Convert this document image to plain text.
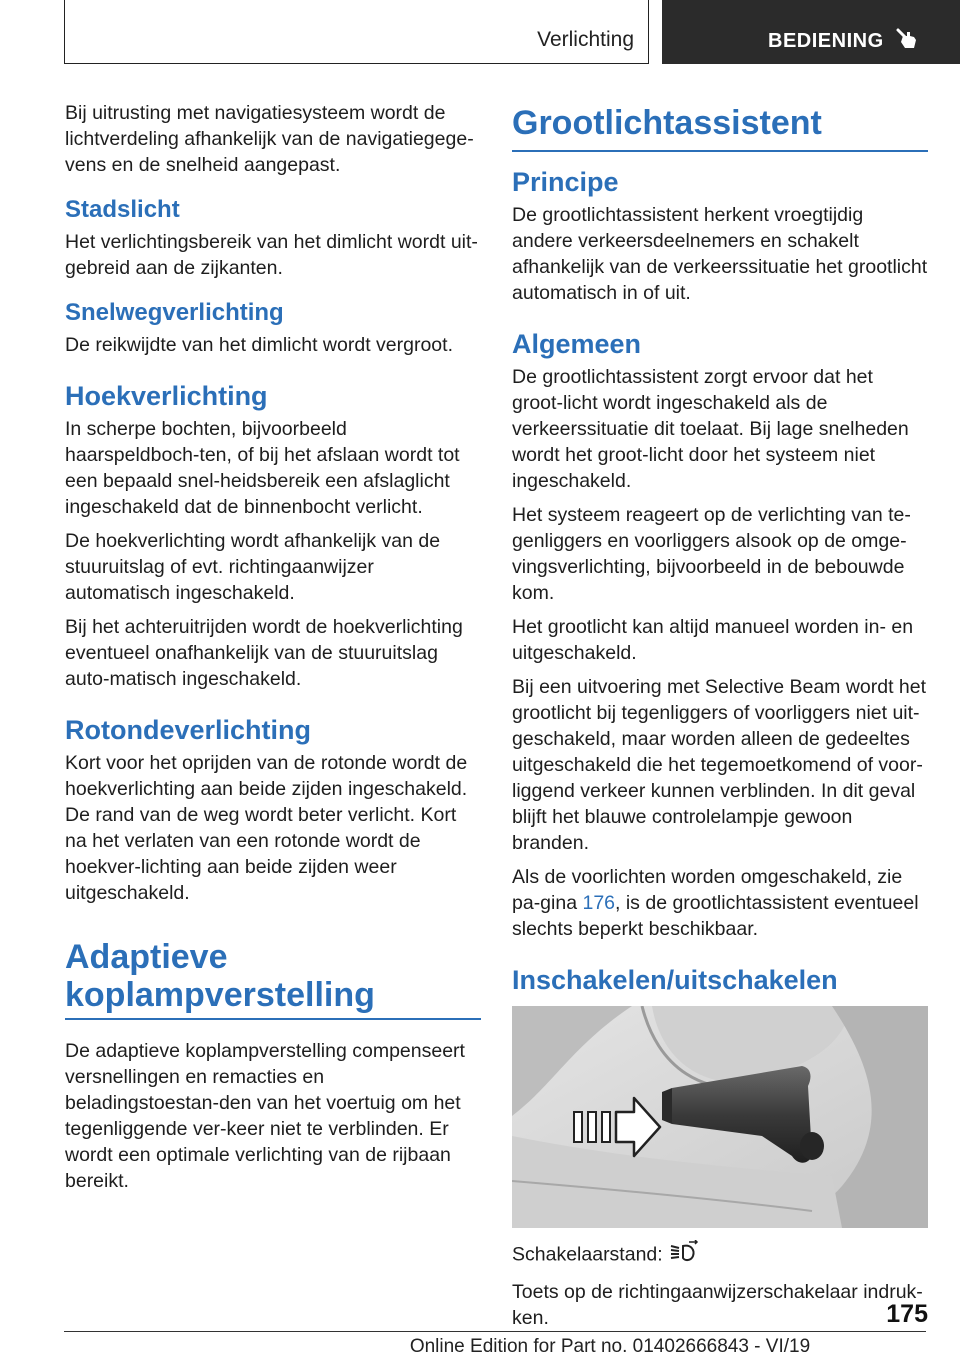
Verlichting	BEDIENING

Bij uitrusting met navigatiesysteem wordt de lichtverdeling afhankelijk van de navigatiegege-vens en de snelheid aangepast.

Stadslicht

Het verlichtingsbereik van het dimlicht wordt uit-gebreid aan de zijkanten.

Snelwegverlichting

De reikwijdte van het dimlicht wordt vergroot.

Hoekverlichting

In scherpe bochten, bijvoorbeeld haarspeldboch-ten, of bij het afslaan wordt tot een bepaald snel-heidsbereik een afslaglicht ingeschakeld dat de binnenbocht verlicht.

De hoekverlichting wordt afhankelijk van de stuuruitslag of evt. richtingaanwijzer automatisch ingeschakeld.

Bij het achteruitrijden wordt de hoekverlichting eventueel onafhankelijk van de stuuruitslag auto-matisch ingeschakeld.

Rotondeverlichting

Kort voor het oprijden van de rotonde wordt de hoekverlichting aan beide zijden ingeschakeld. De rand van de weg wordt beter verlicht. Kort na het verlaten van een rotonde wordt de hoekver-lichting aan beide zijden weer uitgeschakeld.

Adaptieve
koplampverstelling

De adaptieve koplampverstelling compenseert versnellingen en remacties en beladingstoestan-den van het voertuig om het tegenliggende ver-keer niet te verblinden. Er wordt een optimale verlichting van de rijbaan bereikt.

Grootlichtassistent
Principe

De grootlichtassistent herkent vroegtijdig andere verkeersdeelnemers en schakelt afhankelijk van de verkeerssituatie het grootlicht automatisch in of uit.

Algemeen

De grootlichtassistent zorgt ervoor dat het groot-licht wordt ingeschakeld als de verkeerssituatie dit toelaat. Bij lage snelheden wordt het groot-licht door het systeem niet ingeschakeld.

Het systeem reageert op de verlichting van te-genliggers en voorliggers alsook op de omge-vingsverlichting, bijvoorbeeld in de bebouwde kom.

Het grootlicht kan altijd manueel worden in- en uitgeschakeld.

Bij een uitvoering met Selective Beam wordt het grootlicht bij tegenliggers of voorliggers niet uit-geschakeld, maar worden alleen de gedeeltes uitgeschakeld die het tegemoetkomend of voor-liggend verkeer kunnen verblinden. In dit geval blijft het blauwe controlelampje gewoon branden.

Als de voorlichten worden omgeschakeld, zie pa-gina 176, is de grootlichtassistent eventueel slechts beperkt beschikbaar.

Inschakelen/uitschakelen

Schakelaarstand:

Toets op de richtingaanwijzerschakelaar indruk-ken.	175
Online Edition for Part no. 01402666843 - VI/19
